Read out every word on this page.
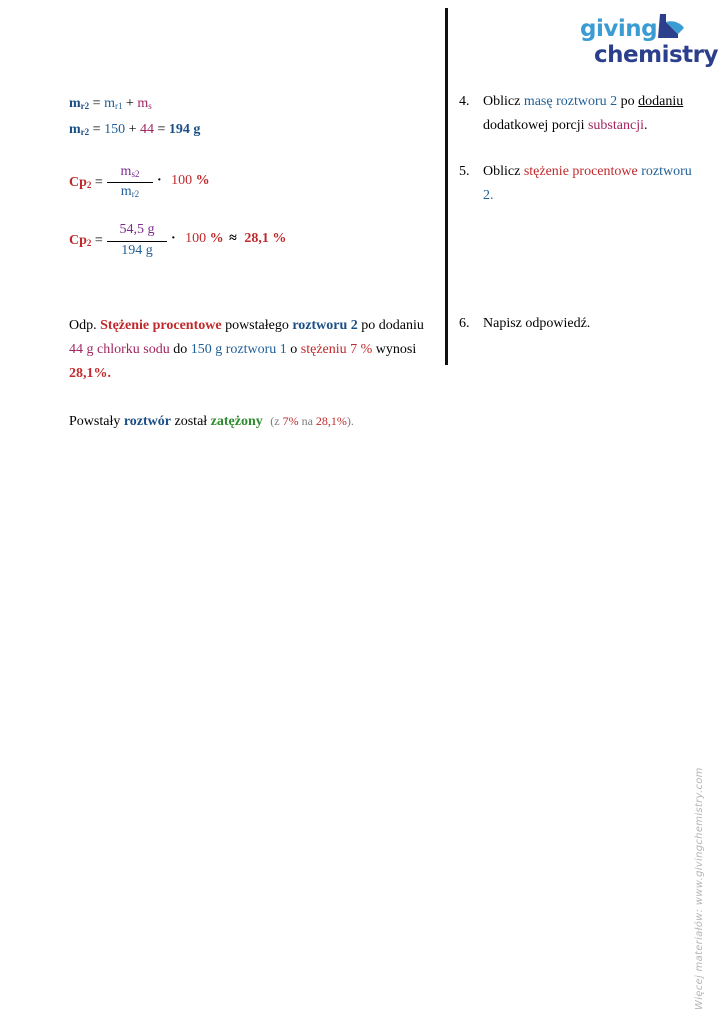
giving
chemistry
$m_{r2} = m_{r1} + m_s$
$m_{r2} = 150 + 44 = 194$ g
$Cp_2$ =
$m_{s2}$
$m_{r2}$
· 100 %
$Cp_2$ =
54,5 g
194 g
· 100 % ≈ 28,1 %
Odp. Stężenie procentowe powstałego roztworu 2 po dodaniu
44 g chlorku sodu do 150 g roztworu 1 o stężeniu 7 % wynosi
28,1%.
Powstały roztwór został zatężony (z 7% na 28,1%).
4. Oblicz masę roztworu 2 po dodaniu
dodatkowej porcji substancji.
5. Oblicz stężenie procentowe roztworu
2.
6. Napisz odpowiedź.
Więcej materiałów: www.givingchemistry.com
